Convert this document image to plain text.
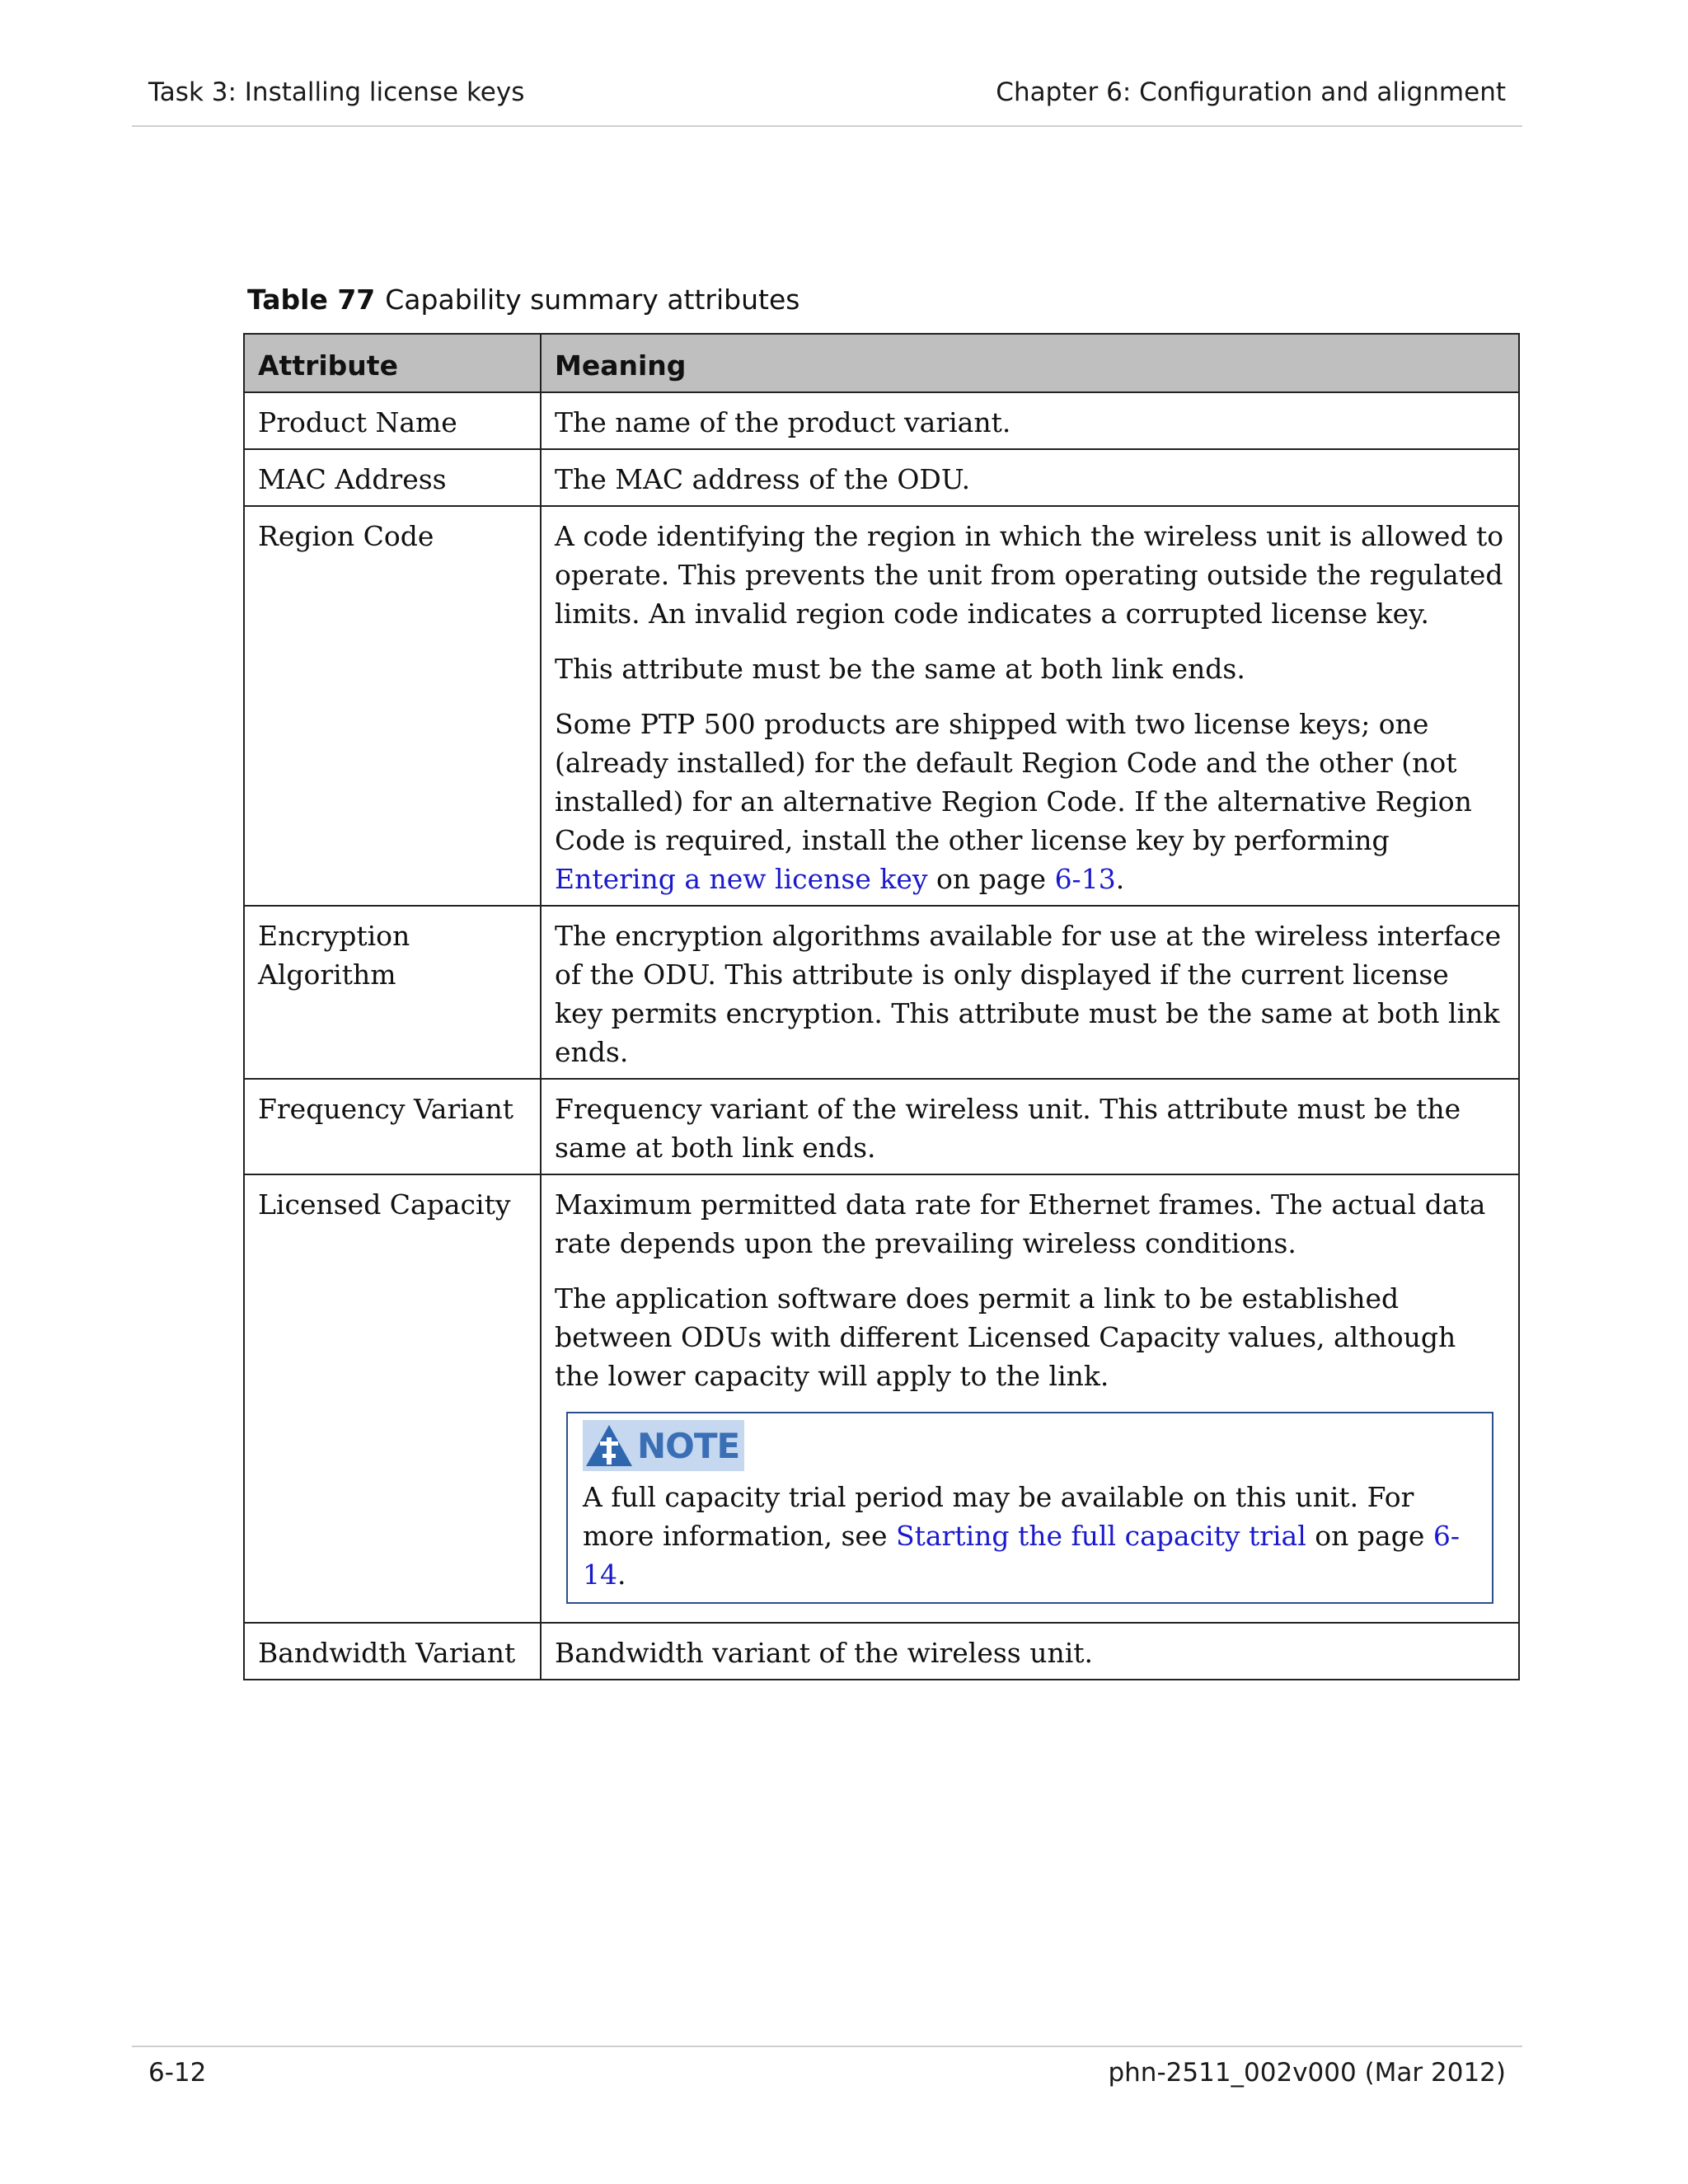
Task 3: Installing license keys	Chapter 6: Configuration and alignment
Table 77 Capability summary attributes
Attribute	Meaning
Product Name	The name of the product variant.
MAC Address	The MAC address of the ODU.
Region Code	A code identifying the region in which the wireless unit is allowed to operate. This prevents the unit from operating outside the regulated limits. An invalid region code indicates a corrupted license key.

This attribute must be the same at both link ends.

Some PTP 500 products are shipped with two license keys; one (already installed) for the default Region Code and the other (not installed) for an alternative Region Code. If the alternative Region Code is required, install the other license key by performing Entering a new license key on page 6-13.

Encryption Algorithm	The encryption algorithms available for use at the wireless interface of the ODU. This attribute is only displayed if the current license key permits encryption. This attribute must be the same at both link ends.
Frequency Variant	Frequency variant of the wireless unit. This attribute must be the same at both link ends.
Licensed Capacity	Maximum permitted data rate for Ethernet frames. The actual data rate depends upon the prevailing wireless conditions.

The application software does permit a link to be established between ODUs with different Licensed Capacity values, although the lower capacity will apply to the link.

NOTE
A full capacity trial period may be available on this unit. For more information, see Starting the full capacity trial on page 6-14.

Bandwidth Variant	Bandwidth variant of the wireless unit.
6-12	phn-2511_002v000 (Mar 2012)
